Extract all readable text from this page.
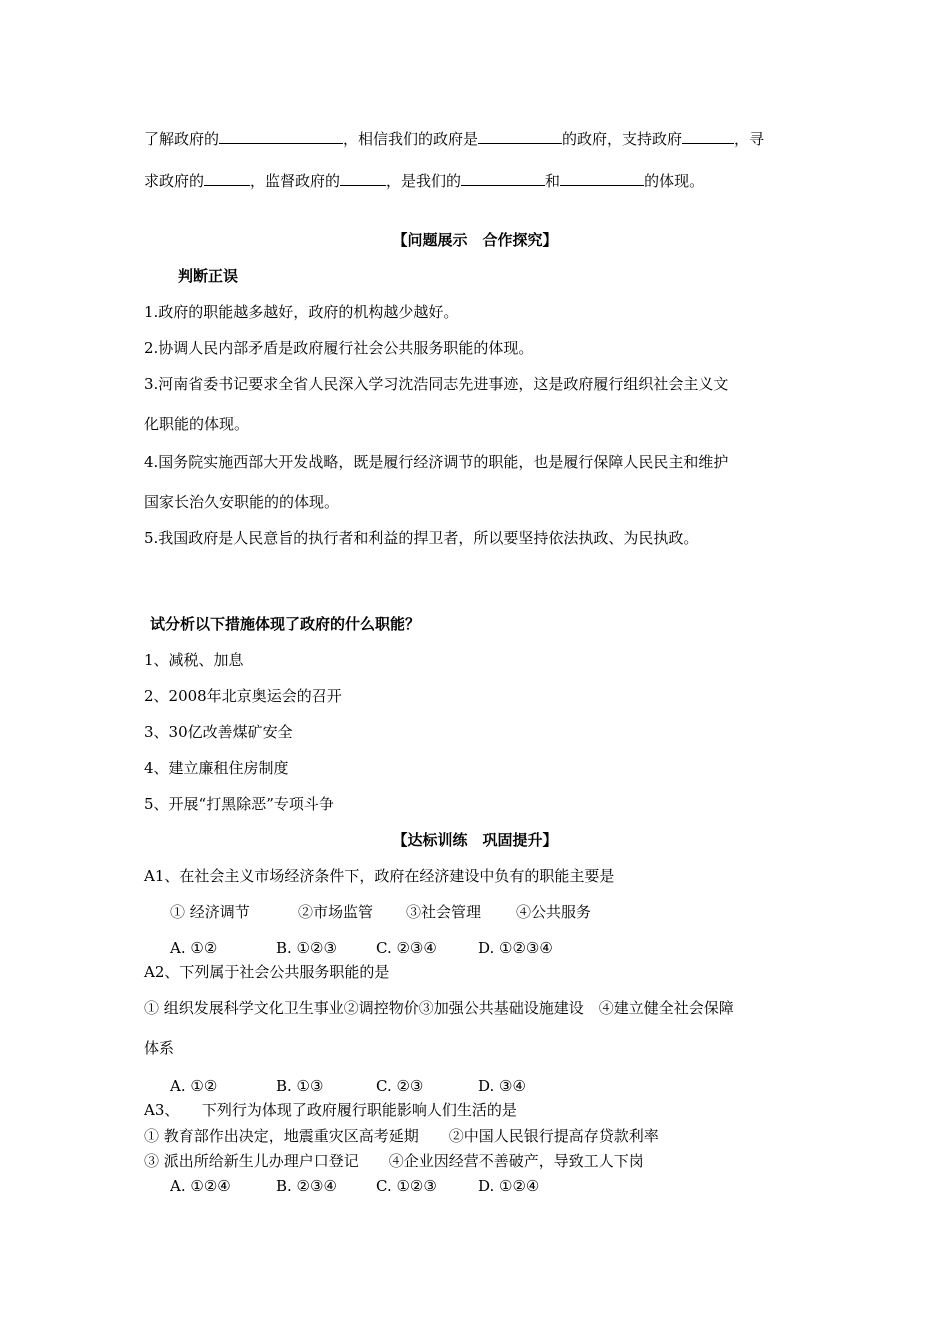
了解政府的	，相信我们的政府是	的政府，支持政府	，寻
求政府的	，监督政府的	，是我们的	和	的体现。
【问题展示　合作探究】
判断正误
1.政府的职能越多越好，政府的机构越少越好。
2.协调人民内部矛盾是政府履行社会公共服务职能的体现。
3.河南省委书记要求全省人民深入学习沈浩同志先进事迹，这是政府履行组织社会主义文
化职能的体现。
4.国务院实施西部大开发战略，既是履行经济调节的职能，也是履行保障人民民主和维护
国家长治久安职能的的体现。
5.我国政府是人民意旨的执行者和利益的捍卫者，所以要坚持依法执政、为民执政。
试分析以下措施体现了政府的什么职能？
1、减税、加息
2、2008年北京奥运会的召开
3、30亿改善煤矿安全
4、建立廉租住房制度
5、开展“打黑除恶”专项斗争
【达标训练　巩固提升】
A1、在社会主义市场经济条件下，政府在经济建设中负有的职能主要是
① 经济调节	②市场监管 ③社会管理 ④公共服务
A. ①②	B. ①②③	C. ②③④	D. ①②③④
A2、下列属于社会公共服务职能的是
① 组织发展科学文化卫生事业②调控物价③加强公共基础设施建设　④建立健全社会保障
体系
A. ①②	B. ①③	C. ②③	D. ③④
A3、　　下列行为体现了政府履行职能影响人们生活的是
① 教育部作出决定，地震重灾区高考延期　　②中国人民银行提高存贷款利率
③ 派出所给新生儿办理户口登记　　④企业因经营不善破产，导致工人下岗
A. ①②④	B. ②③④	C. ①②③	D. ①②④
